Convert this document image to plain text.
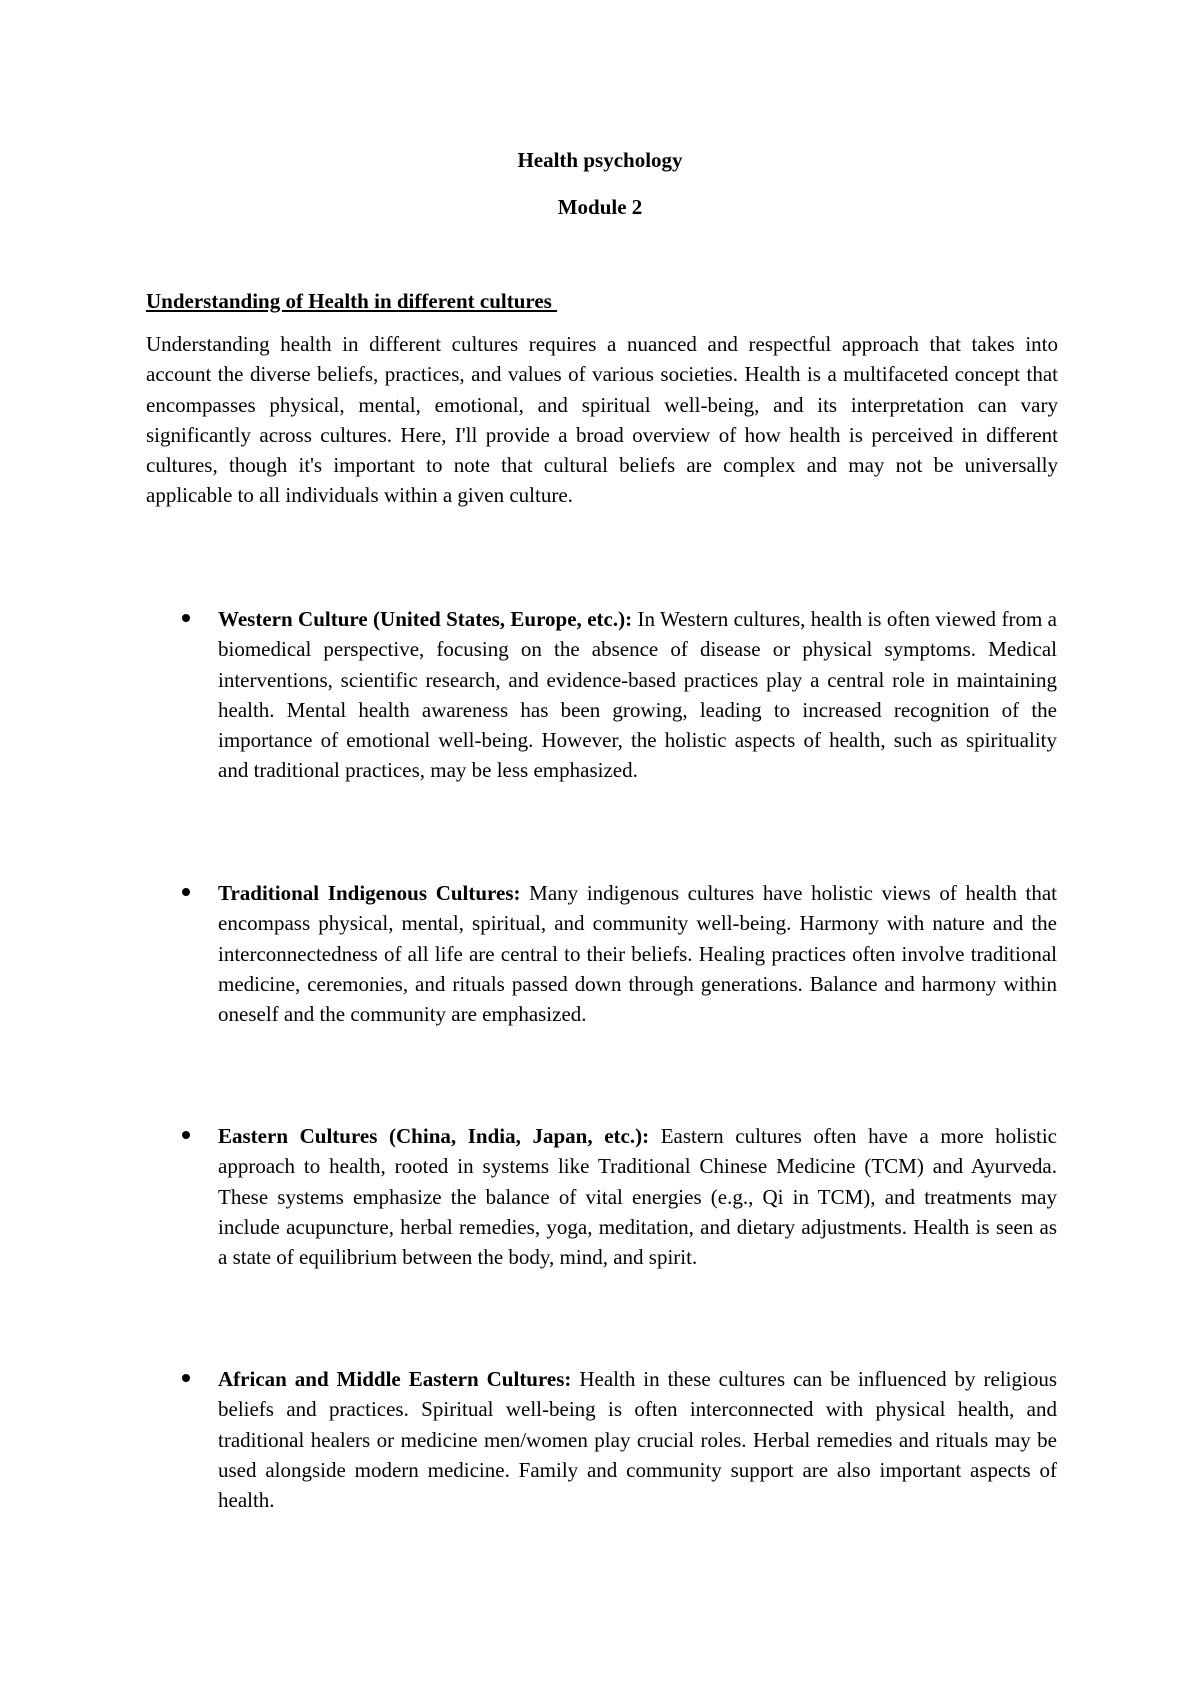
Health psychology
Module 2
Understanding of Health in different cultures

Understanding health in different cultures requires a nuanced and respectful approach that takes into account the diverse beliefs, practices, and values of various societies. Health is a multifaceted concept that encompasses physical, mental, emotional, and spiritual well-being, and its interpretation can vary significantly across cultures. Here, I'll provide a broad overview of how health is perceived in different cultures, though it's important to note that cultural beliefs are complex and may not be universally applicable to all individuals within a given culture.

Western Culture (United States, Europe, etc.): In Western cultures, health is often viewed from a biomedical perspective, focusing on the absence of disease or physical symptoms. Medical interventions, scientific research, and evidence-based practices play a central role in maintaining health. Mental health awareness has been growing, leading to increased recognition of the importance of emotional well-being. However, the holistic aspects of health, such as spirituality and traditional practices, may be less emphasized.

Traditional Indigenous Cultures: Many indigenous cultures have holistic views of health that encompass physical, mental, spiritual, and community well-being. Harmony with nature and the interconnectedness of all life are central to their beliefs. Healing practices often involve traditional medicine, ceremonies, and rituals passed down through generations. Balance and harmony within oneself and the community are emphasized.

Eastern Cultures (China, India, Japan, etc.): Eastern cultures often have a more holistic approach to health, rooted in systems like Traditional Chinese Medicine (TCM) and Ayurveda. These systems emphasize the balance of vital energies (e.g., Qi in TCM), and treatments may include acupuncture, herbal remedies, yoga, meditation, and dietary adjustments. Health is seen as a state of equilibrium between the body, mind, and spirit.

African and Middle Eastern Cultures: Health in these cultures can be influenced by religious beliefs and practices. Spiritual well-being is often interconnected with physical health, and traditional healers or medicine men/women play crucial roles. Herbal remedies and rituals may be used alongside modern medicine. Family and community support are also important aspects of health.
